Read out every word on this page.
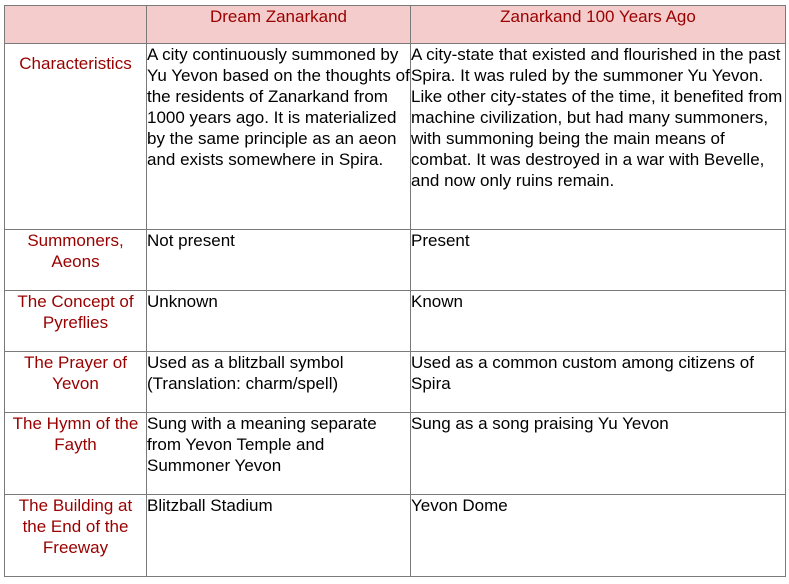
	Dream Zanarkand	Zanarkand 100 Years Ago
Characteristics	A city continuously summoned by Yu Yevon based on the thoughts of the residents of Zanarkand from 1000 years ago. It is materialized by the same principle as an aeon and exists somewhere in Spira.	A city-state that existed and flourished in the past Spira. It was ruled by the summoner Yu Yevon. Like other city-states of the time, it benefited from machine civilization, but had many summoners, with summoning being the main means of combat. It was destroyed in a war with Bevelle, and now only ruins remain.
Summoners, Aeons	Not present	Present
The Concept of Pyreflies	Unknown	Known
The Prayer of Yevon	Used as a blitzball symbol (Translation: charm/spell)	Used as a common custom among citizens of Spira
The Hymn of the Fayth	Sung with a meaning separate from Yevon Temple and Summoner Yevon	Sung as a song praising Yu Yevon
The Building at the End of the Freeway	Blitzball Stadium	Yevon Dome
